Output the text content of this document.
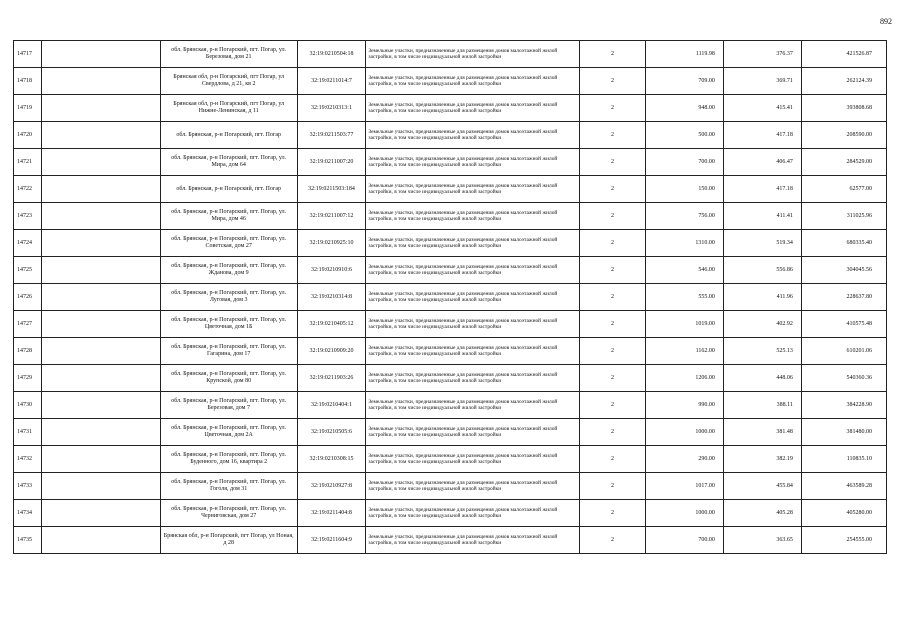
892
14717		обл. Брянская, р-н Погарский, пгт. Погар, ул. Березовая, дом 21	32:19:0210504:18	Земельные участки, предназначенные для размещения домов малоэтажной жилой застройки, в том числе индивидуальной жилой застройки	2	1119.98	376.37	421526.87
14718		Брянская обл, р-н Погарский, пгт Погар, ул Свердлова, д 21, кв 2	32:19:0211014:7	Земельные участки, предназначенные для размещения домов малоэтажной жилой застройки, в том числе индивидуальной жилой застройки	2	709.00	369.71	262124.39
14719		Брянская обл, р-н Погарский, пгт Погар, ул Нижне-Ленинская, д 11	32:19:0210313:1	Земельные участки, предназначенные для размещения домов малоэтажной жилой застройки, в том числе индивидуальной жилой застройки	2	948.00	415.41	393808.68
14720		обл. Брянская, р-н Погарский, пгт. Погар	32:19:0211503:77	Земельные участки, предназначенные для размещения домов малоэтажной жилой застройки, в том числе индивидуальной жилой застройки	2	500.00	417.18	208590.00
14721		обл. Брянская, р-н Погарский, пгт. Погар, ул. Мира, дом 64	32:19:0211007:20	Земельные участки, предназначенные для размещения домов малоэтажной жилой застройки, в том числе индивидуальной жилой застройки	2	700.00	406.47	284529.00
14722		обл. Брянская, р-н Погарский, пгт. Погар	32:19:0211503:184	Земельные участки, предназначенные для размещения домов малоэтажной жилой застройки, в том числе индивидуальной жилой застройки	2	150.00	417.18	62577.00
14723		обл. Брянская, р-н Погарский, пгт. Погар, ул. Мира, дом 46	32:19:0211007:12	Земельные участки, предназначенные для размещения домов малоэтажной жилой застройки, в том числе индивидуальной жилой застройки	2	756.00	411.41	311025.96
14724		обл. Брянская, р-н Погарский, пгт. Погар, ул. Советская, дом 27	32:19:0210925:10	Земельные участки, предназначенные для размещения домов малоэтажной жилой застройки, в том числе индивидуальной жилой застройки	2	1310.00	519.34	680335.40
14725		обл. Брянская, р-н Погарский, пгт. Погар, ул. Жданова, дом 9	32:19:0210910:6	Земельные участки, предназначенные для размещения домов малоэтажной жилой застройки, в том числе индивидуальной жилой застройки	2	546.00	556.86	304045.56
14726		обл. Брянская, р-н Погарский, пгт. Погар, ул. Луговая, дом 3	32:19:0210314:8	Земельные участки, предназначенные для размещения домов малоэтажной жилой застройки, в том числе индивидуальной жилой застройки	2	555.00	411.96	228637.80
14727		обл. Брянская, р-н Погарский, пгт. Погар, ул. Цветочная, дом 1Б	32:19:0210405:12	Земельные участки, предназначенные для размещения домов малоэтажной жилой застройки, в том числе индивидуальной жилой застройки	2	1019.00	402.92	410575.48
14728		обл. Брянская, р-н Погарский, пгт. Погар, ул. Гагарина, дом 17	32:19:0210909:20	Земельные участки, предназначенные для размещения домов малоэтажной жилой застройки, в том числе индивидуальной жилой застройки	2	1162.00	525.13	610201.06
14729		обл. Брянская, р-н Погарский, пгт. Погар, ул. Крупской, дом 80	32:19:0211903:26	Земельные участки, предназначенные для размещения домов малоэтажной жилой застройки, в том числе индивидуальной жилой застройки	2	1206.00	448.06	540360.36
14730		обл. Брянская, р-н Погарский, пгт. Погар, ул. Березовая, дом 7	32:19:0210404:1	Земельные участки, предназначенные для размещения домов малоэтажной жилой застройки, в том числе индивидуальной жилой застройки	2	990.00	388.11	384228.90
14731		обл. Брянская, р-н Погарский, пгт. Погар, ул. Цветочная, дом 2А	32:19:0210505:6	Земельные участки, предназначенные для размещения домов малоэтажной жилой застройки, в том числе индивидуальной жилой застройки	2	1000.00	381.48	381480.00
14732		обл. Брянская, р-н Погарский, пгт. Погар, ул. Буденного, дом 16, квартира 2	32:19:0210308:15	Земельные участки, предназначенные для размещения домов малоэтажной жилой застройки, в том числе индивидуальной жилой застройки	2	290.00	382.19	110835.10
14733		обл. Брянская, р-н Погарский, пгт. Погар, ул. Гоголя, дом 31	32:19:0210927:8	Земельные участки, предназначенные для размещения домов малоэтажной жилой застройки, в том числе индивидуальной жилой застройки	2	1017.00	455.84	463589.28
14734		обл. Брянская, р-н Погарский, пгт. Погар, ул. Черниговская, дом 27	32:19:0211404:8	Земельные участки, предназначенные для размещения домов малоэтажной жилой застройки, в том числе индивидуальной жилой застройки	2	1000.00	405.28	405280.00
14735		Брянская обл, р-н Погарский, пгт Погар, ул Ноная, д 28	32:19:0211604:9	Земельные участки, предназначенные для размещения домов малоэтажной жилой застройки, в том числе индивидуальной жилой застройки	2	700.00	363.65	254555.00
